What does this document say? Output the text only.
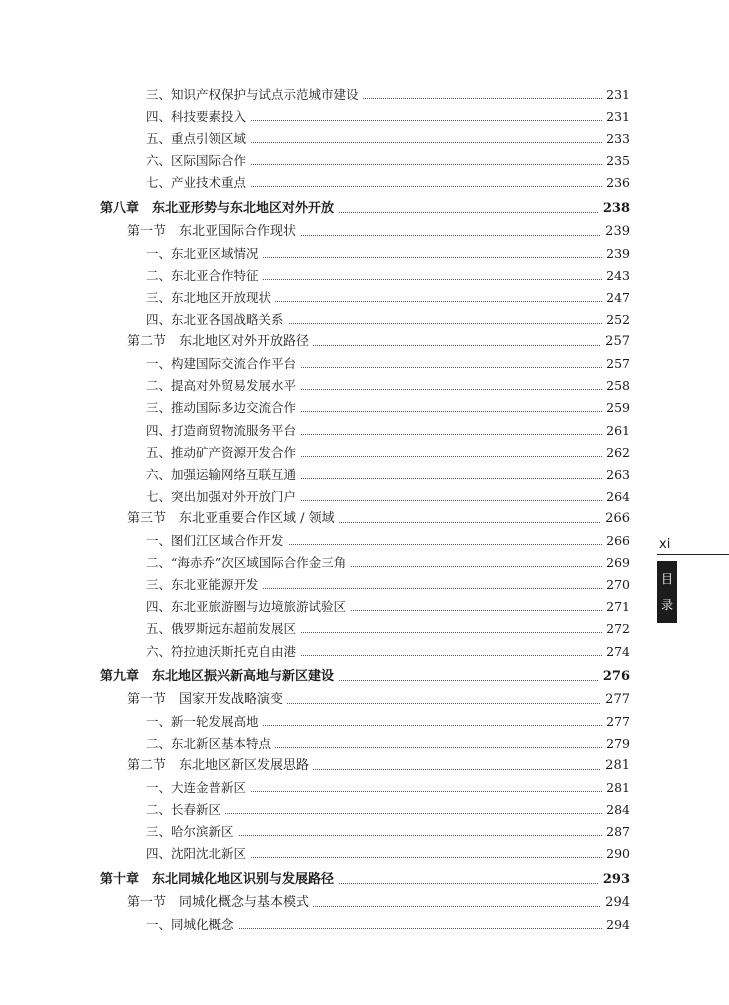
三、知识产权保护与试点示范城市建设	231
四、科技要素投入	231
五、重点引领区域	233
六、区际国际合作	235
七、产业技术重点	236
第八章　东北亚形势与东北地区对外开放	238
第一节　东北亚国际合作现状	239
一、东北亚区域情况	239
二、东北亚合作特征	243
三、东北地区开放现状	247
四、东北亚各国战略关系	252
第二节　东北地区对外开放路径	257
一、构建国际交流合作平台	257
二、提高对外贸易发展水平	258
三、推动国际多边交流合作	259
四、打造商贸物流服务平台	261
五、推动矿产资源开发合作	262
六、加强运输网络互联互通	263
七、突出加强对外开放门户	264
第三节　东北亚重要合作区域 / 领域	266
一、图们江区域合作开发	266
二、“海赤乔”次区域国际合作金三角	269
三、东北亚能源开发	270
四、东北亚旅游圈与边境旅游试验区	271
五、俄罗斯远东超前发展区	272
六、符拉迪沃斯托克自由港	274
第九章　东北地区振兴新高地与新区建设	276
第一节　国家开发战略演变	277
一、新一轮发展高地	277
二、东北新区基本特点	279
第二节　东北地区新区发展思路	281
一、大连金普新区	281
二、长春新区	284
三、哈尔滨新区	287
四、沈阳沈北新区	290
第十章　东北同城化地区识别与发展路径	293
第一节　同城化概念与基本模式	294
一、同城化概念	294
xi
目
录
